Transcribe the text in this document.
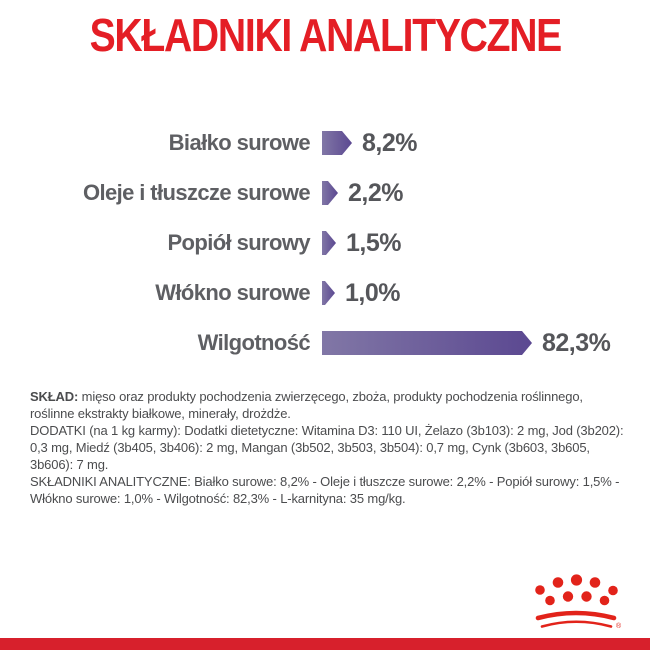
SKŁADNIKI ANALITYCZNE
Białko surowe 8,2%
Oleje i tłuszcze surowe 2,2%
Popiół surowy 1,5%
Włókno surowe 1,0%
Wilgotność	82,3%

SKŁAD: mięso oraz produkty pochodzenia zwierzęcego, zboża, produkty pochodzenia roślinnego, roślinne ekstrakty białkowe, minerały, drożdże.

DODATKI (na 1 kg karmy): Dodatki dietetyczne: Witamina D3: 110 UI, Żelazo (3b103): 2 mg, Jod (3b202): 0,3 mg, Miedź (3b405, 3b406): 2 mg, Mangan (3b502, 3b503, 3b504): 0,7 mg, Cynk (3b603, 3b605, 3b606): 7 mg.

SKŁADNIKI ANALITYCZNE: Białko surowe: 8,2% - Oleje i tłuszcze surowe: 2,2% - Popiół surowy: 1,5% - Włókno surowe: 1,0% - Wilgotność: 82,3% - L-karnityna: 35 mg/kg.

®
